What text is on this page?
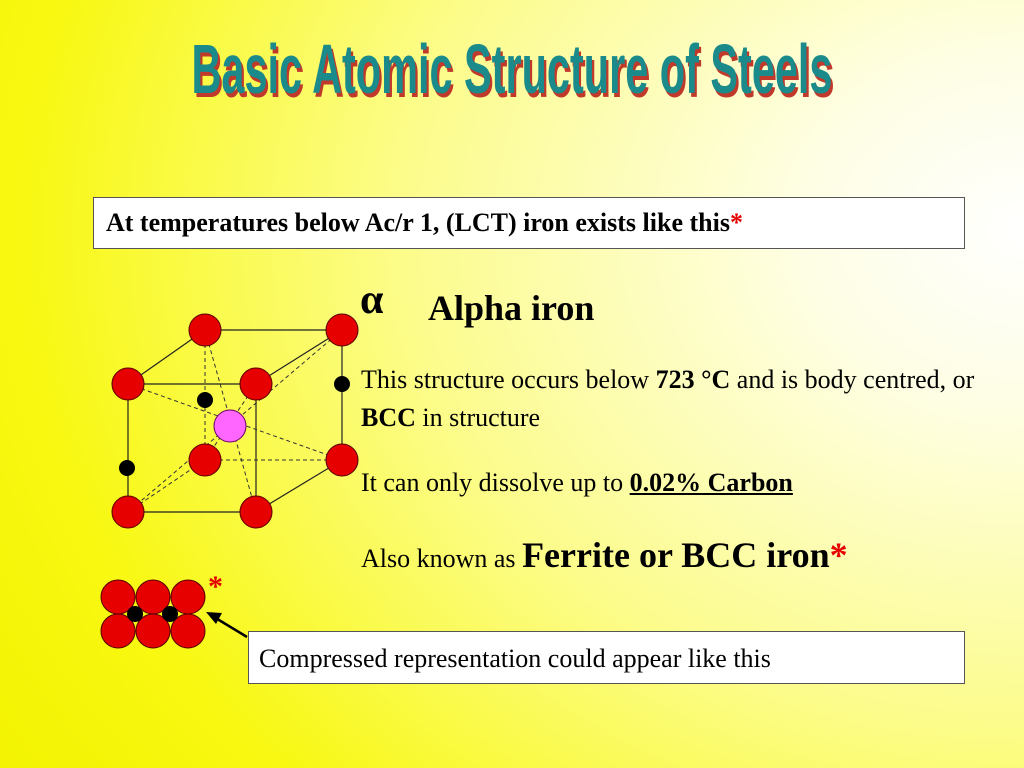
Basic Atomic Structure of Steels
At temperatures below Ac/r 1, (LCT) iron exists like this*
α Alpha iron
This structure occurs below 723 °C and is body centred, or BCC in structure
It can only dissolve up to 0.02% Carbon
Also known as Ferrite or BCC iron*
*
Compressed representation could appear like this
